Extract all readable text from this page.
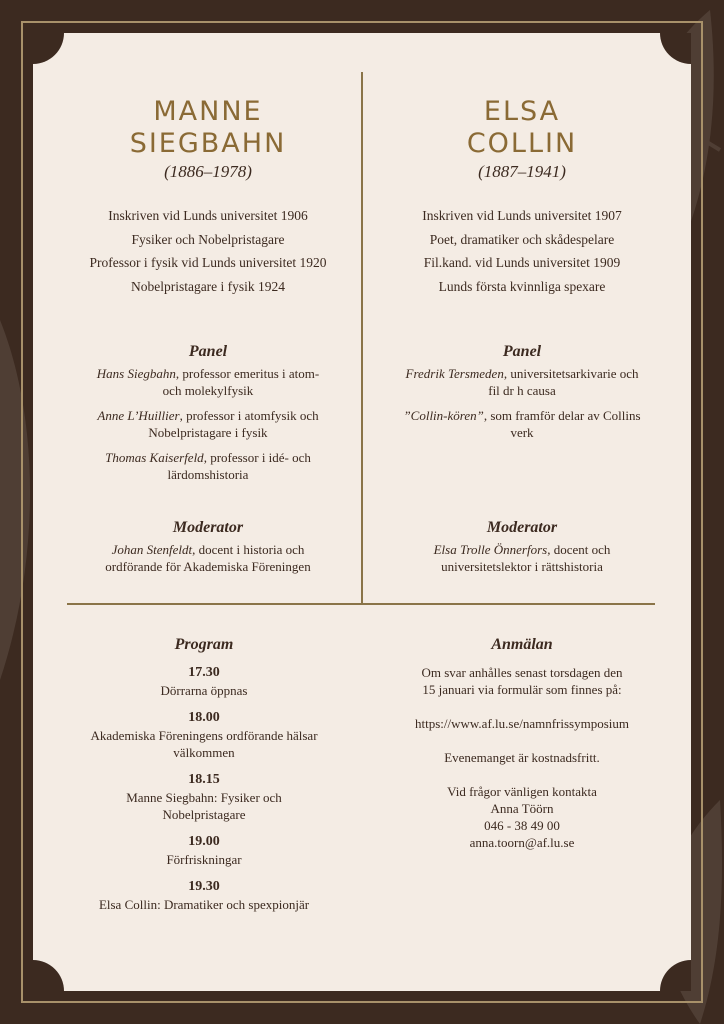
MANNE
SIEGBAHN

(1886–1978)

Inskriven vid Lunds universitet 1906

Fysiker och Nobelpristagare

Professor i fysik vid Lunds universitet 1920

Nobelpristagare i fysik 1924

Panel

Hans Siegbahn, professor emeritus i atom-
och molekylfysik

Anne L’Huillier, professor i atomfysik och
Nobelpristagare i fysik

Thomas Kaiserfeld, professor i idé- och
lärdomshistoria

Moderator

Johan Stenfeldt, docent i historia och
ordförande för Akademiska Föreningen

ELSA
COLLIN

(1887–1941)

Inskriven vid Lunds universitet 1907

Poet, dramatiker och skådespelare

Fil.kand. vid Lunds universitet 1909

Lunds första kvinnliga spexare

Panel

Fredrik Tersmeden, universitetsarkivarie och
fil dr h causa

”Collin-kören”, som framför delar av Collins
verk

Moderator

Elsa Trolle Önnerfors, docent och
universitetslektor i rättshistoria

Program

17.30

Dörrarna öppnas

18.00

Akademiska Föreningens ordförande hälsar
välkommen

18.15

Manne Siegbahn: Fysiker och
Nobelpristagare

19.00

Förfriskningar

19.30

Elsa Collin: Dramatiker och spexpionjär

Anmälan

Om svar anhålles senast torsdagen den
15 januari via formulär som finnes på:

https://www.af.lu.se/namnfrissymposium

Evenemanget är kostnadsfritt.

Vid frågor vänligen kontakta

Anna Töörn

046 - 38 49 00

anna.toorn@af.lu.se
